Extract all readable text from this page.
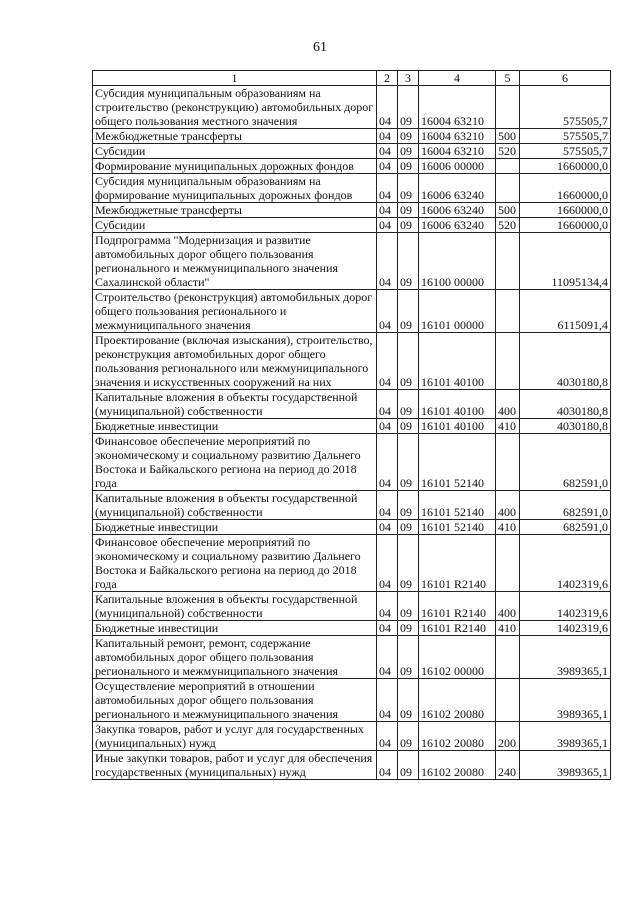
61
1	2	3	4	5	6
Субсидия муниципальным образованиям на строительство (реконструкцию) автомобильных дорог общего пользования местного значения	04	09	16004 63210		575505,7
Межбюджетные трансферты	04	09	16004 63210	500	575505,7
Субсидии	04	09	16004 63210	520	575505,7
Формирование муниципальных дорожных фондов	04	09	16006 00000		1660000,0
Субсидия муниципальным образованиям на формирование муниципальных дорожных фондов	04	09	16006 63240		1660000,0
Межбюджетные трансферты	04	09	16006 63240	500	1660000,0
Субсидии	04	09	16006 63240	520	1660000,0
Подпрограмма "Модернизация и развитие автомобильных дорог общего пользования регионального и межмуниципального значения Сахалинской области"	04	09	16100 00000		11095134,4
Строительство (реконструкция) автомобильных дорог общего пользования регионального и межмуниципального значения	04	09	16101 00000		6115091,4
Проектирование (включая изыскания), строительство, реконструкция автомобильных дорог общего пользования регионального или межмуниципального значения и искусственных сооружений на них	04	09	16101 40100		4030180,8
Капитальные вложения в объекты государственной (муниципальной) собственности	04	09	16101 40100	400	4030180,8
Бюджетные инвестиции	04	09	16101 40100	410	4030180,8
Финансовое обеспечение мероприятий по экономическому и социальному развитию Дальнего Востока и Байкальского региона на период до 2018 года	04	09	16101 52140		682591,0
Капитальные вложения в объекты государственной (муниципальной) собственности	04	09	16101 52140	400	682591,0
Бюджетные инвестиции	04	09	16101 52140	410	682591,0
Финансовое обеспечение мероприятий по экономическому и социальному развитию Дальнего Востока и Байкальского региона на период до 2018 года	04	09	16101 R2140		1402319,6
Капитальные вложения в объекты государственной (муниципальной) собственности	04	09	16101 R2140	400	1402319,6
Бюджетные инвестиции	04	09	16101 R2140	410	1402319,6
Капитальный ремонт, ремонт, содержание автомобильных дорог общего пользования регионального и межмуниципального значения	04	09	16102 00000		3989365,1
Осуществление мероприятий в отношении автомобильных дорог общего пользования регионального и межмуниципального значения	04	09	16102 20080		3989365,1
Закупка товаров, работ и услуг для государственных (муниципальных) нужд	04	09	16102 20080	200	3989365,1
Иные закупки товаров, работ и услуг для обеспечения государственных (муниципальных) нужд	04	09	16102 20080	240	3989365,1
